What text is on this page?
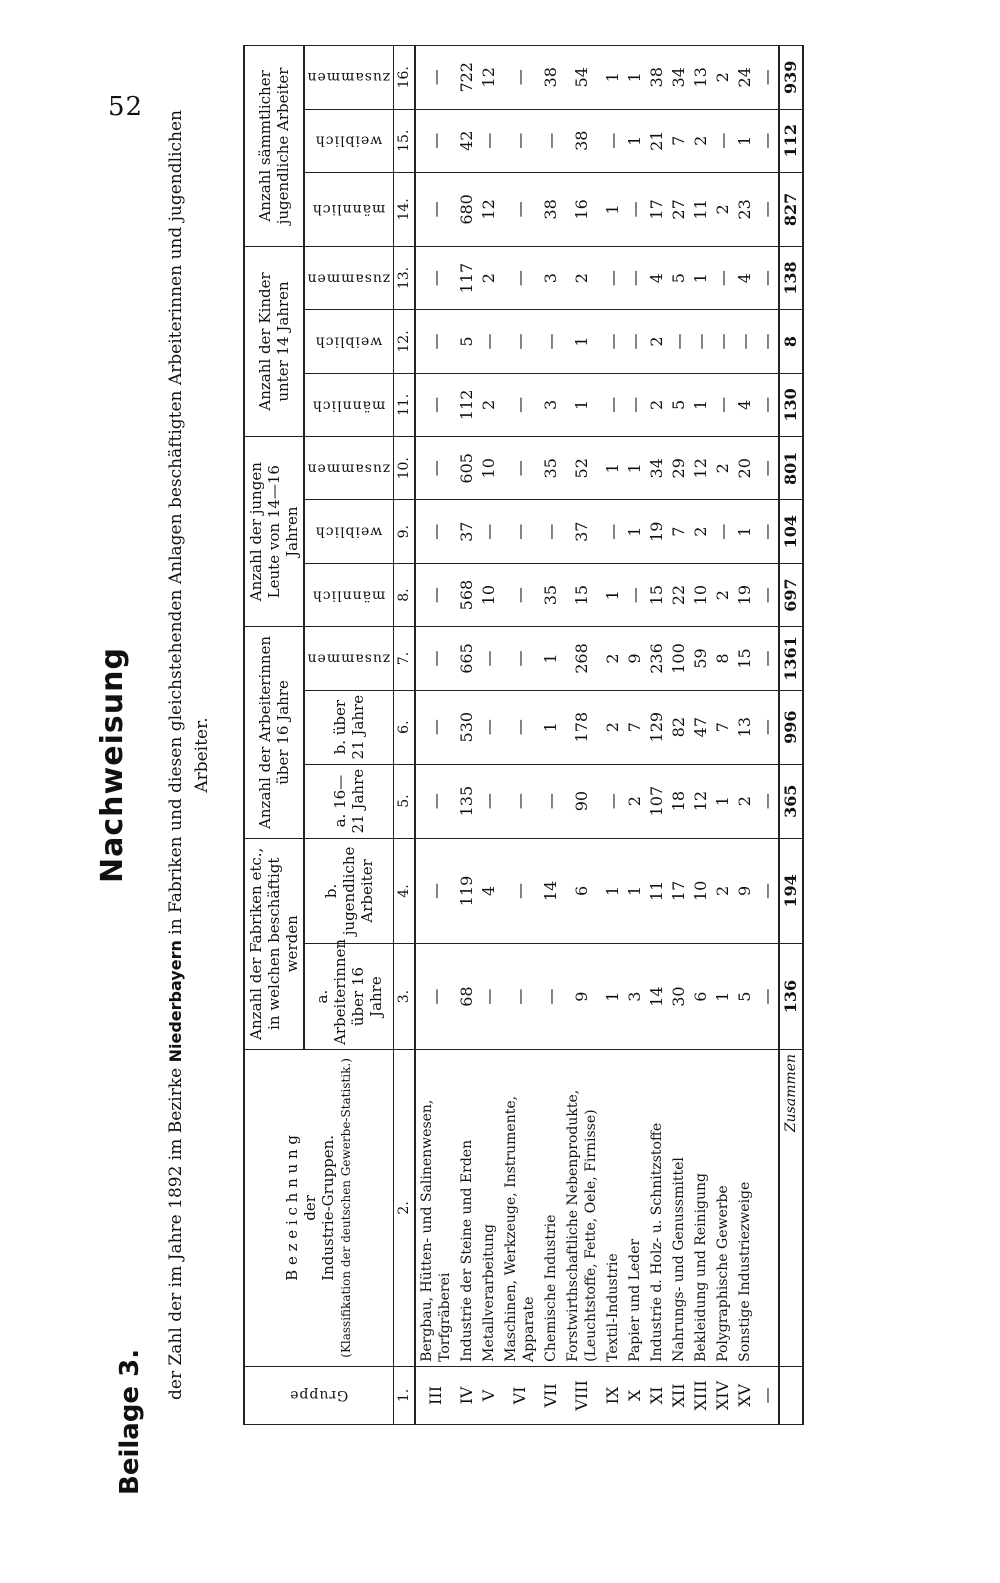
52
Beilage 3.
Nachweisung
der Zahl der im Jahre 1892 im Bezirke Niederbayern in Fabriken und diesen gleichstehenden Anlagen beschäftigten Arbeiterinnen und jugendlichen Arbeiter.
Gruppe	B e z e i c h n u n g der Industrie-Gruppen. (Klassifikation der deutschen Gewerbe-Statistik.)	Anzahl der Fabriken etc., in welchen beschäftigt werden		Anzahl der Arbeiterinnen über 16 Jahre			Anzahl der jungen Leute von 14—16 Jahren			Anzahl der Kinder unter 14 Jahren			Anzahl sämmtlicher jugendliche Arbeiter		
		a. Arbeiterinnen über 16 Jahre	b. jugendliche Arbeiter	a. 16—21 Jahre	b. über 21 Jahre	zusammen	männlich	weiblich	zusammen	männlich	weiblich	zusammen	männlich	weiblich	zusammen
1.	2.	3.	4.	5.	6.	7.	8.	9.	10.	11.	12.	13.	14.	15.	16.
III	Bergbau, Hütten- und Salinenwesen, Torfgräberei	—	—	—	—	—	—	—	—	—	—	—	—	—	—
IV	Industrie der Steine und Erden	68	119	135	530	665	568	37	605	112	5	117	680	42	722
V	Metallverarbeitung	—	4	—	—	—	10	—	10	2	—	2	12	—	12
VI	Maschinen, Werkzeuge, Instrumente, Apparate	—	—	—	—	—	—	—	—	—	—	—	—	—	—
VII	Chemische Industrie	—	14	—	1	1	35	—	35	3	—	3	38	—	38
VIII	Forstwirthschaftliche Nebenprodukte, (Leuchtstoffe, Fette, Oele, Firnisse)	9	6	90	178	268	15	37	52	1	1	2	16	38	54
IX	Textil-Industrie	1	1	—	2	2	1	—	1	—	—	—	1	—	1
X	Papier und Leder	3	1	2	7	9	—	1	1	—	—	—	—	1	1
XI	Industrie d. Holz- u. Schnitzstoffe	14	11	107	129	236	15	19	34	2	2	4	17	21	38
XII	Nahrungs- und Genussmittel	30	17	18	82	100	22	7	29	5	—	5	27	7	34
XIII	Bekleidung und Reinigung	6	10	12	47	59	10	2	12	1	—	1	11	2	13
XIV	Polygraphische Gewerbe	1	2	1	7	8	2	—	2	—	—	—	2	—	2
XV	Sonstige Industriezweige	5	9	2	13	15	19	1	20	4	—	4	23	1	24
—		—	—	—	—	—	—	—	—	—	—	—	—	—	—
	Zusammen	136	194	365	996	1361	697	104	801	130	8	138	827	112	939
